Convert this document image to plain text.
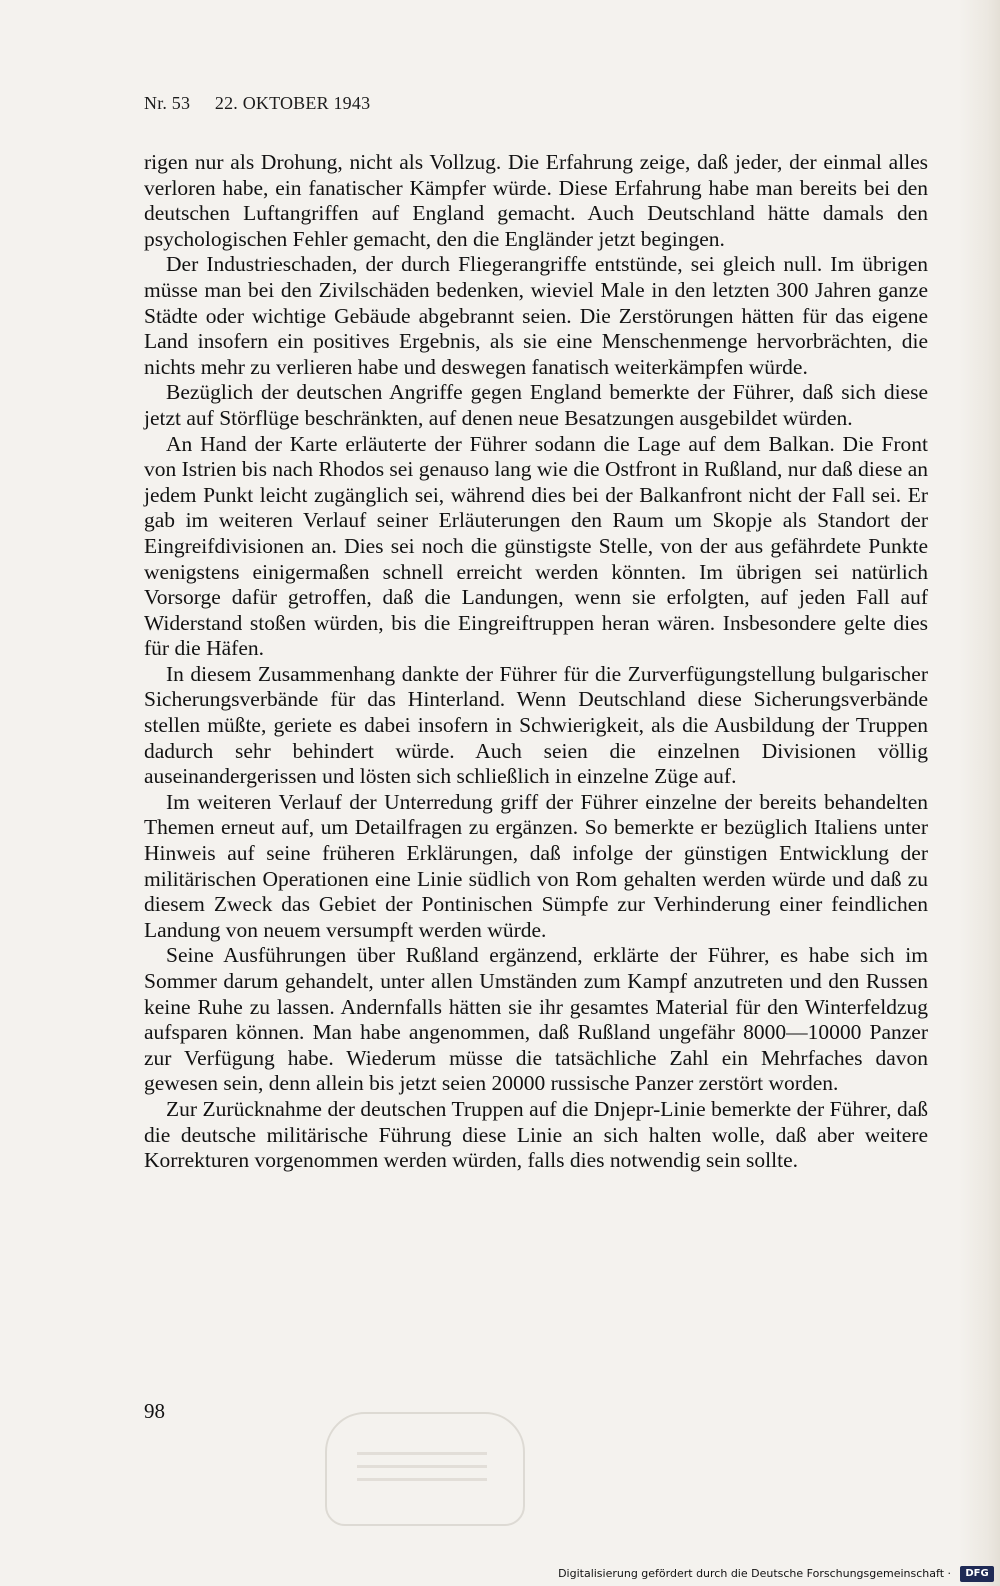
Nr. 53 22. OKTOBER 1943

rigen nur als Drohung, nicht als Vollzug. Die Erfahrung zeige, daß jeder, der einmal alles verloren habe, ein fanatischer Kämpfer würde. Diese Erfahrung habe man bereits bei den deutschen Luftangriffen auf England gemacht. Auch Deutschland hätte damals den psychologischen Fehler gemacht, den die Engländer jetzt begingen.

Der Industrieschaden, der durch Fliegerangriffe entstünde, sei gleich null. Im übrigen müsse man bei den Zivilschäden bedenken, wieviel Male in den letzten 300 Jahren ganze Städte oder wichtige Gebäude abgebrannt seien. Die Zerstörungen hätten für das eigene Land insofern ein positives Ergebnis, als sie eine Menschenmenge hervorbrächten, die nichts mehr zu verlieren habe und deswegen fanatisch weiterkämpfen würde.

Bezüglich der deutschen Angriffe gegen England bemerkte der Führer, daß sich diese jetzt auf Störflüge beschränkten, auf denen neue Besatzungen ausgebildet würden.

An Hand der Karte erläuterte der Führer sodann die Lage auf dem Balkan. Die Front von Istrien bis nach Rhodos sei genauso lang wie die Ostfront in Rußland, nur daß diese an jedem Punkt leicht zugänglich sei, während dies bei der Balkanfront nicht der Fall sei. Er gab im weiteren Verlauf seiner Erläuterungen den Raum um Skopje als Standort der Eingreifdivisionen an. Dies sei noch die günstigste Stelle, von der aus gefährdete Punkte wenigstens einigermaßen schnell erreicht werden könnten. Im übrigen sei natürlich Vorsorge dafür getroffen, daß die Landungen, wenn sie erfolgten, auf jeden Fall auf Widerstand stoßen würden, bis die Eingreiftruppen heran wären. Insbesondere gelte dies für die Häfen.

In diesem Zusammenhang dankte der Führer für die Zurverfügungstellung bulgarischer Sicherungsverbände für das Hinterland. Wenn Deutschland diese Sicherungsverbände stellen müßte, geriete es dabei insofern in Schwierigkeit, als die Ausbildung der Truppen dadurch sehr behindert würde. Auch seien die einzelnen Divisionen völlig auseinandergerissen und lösten sich schließlich in einzelne Züge auf.

Im weiteren Verlauf der Unterredung griff der Führer einzelne der bereits behandelten Themen erneut auf, um Detailfragen zu ergänzen. So bemerkte er bezüglich Italiens unter Hinweis auf seine früheren Erklärungen, daß infolge der günstigen Entwicklung der militärischen Operationen eine Linie südlich von Rom gehalten werden würde und daß zu diesem Zweck das Gebiet der Pontinischen Sümpfe zur Verhinderung einer feindlichen Landung von neuem versumpft werden würde.

Seine Ausführungen über Rußland ergänzend, erklärte der Führer, es habe sich im Sommer darum gehandelt, unter allen Umständen zum Kampf anzutreten und den Russen keine Ruhe zu lassen. Andernfalls hätten sie ihr gesamtes Material für den Winterfeldzug aufsparen können. Man habe angenommen, daß Rußland ungefähr 8000—10000 Panzer zur Verfügung habe. Wiederum müsse die tatsächliche Zahl ein Mehrfaches davon gewesen sein, denn allein bis jetzt seien 20000 russische Panzer zerstört worden.

Zur Zurücknahme der deutschen Truppen auf die Dnjepr-Linie bemerkte der Führer, daß die deutsche militärische Führung diese Linie an sich halten wolle, daß aber weitere Korrekturen vorgenommen werden würden, falls dies notwendig sein sollte.

98
Digitalisierung gefördert durch die Deutsche Forschungsgemeinschaft ·	DFG
